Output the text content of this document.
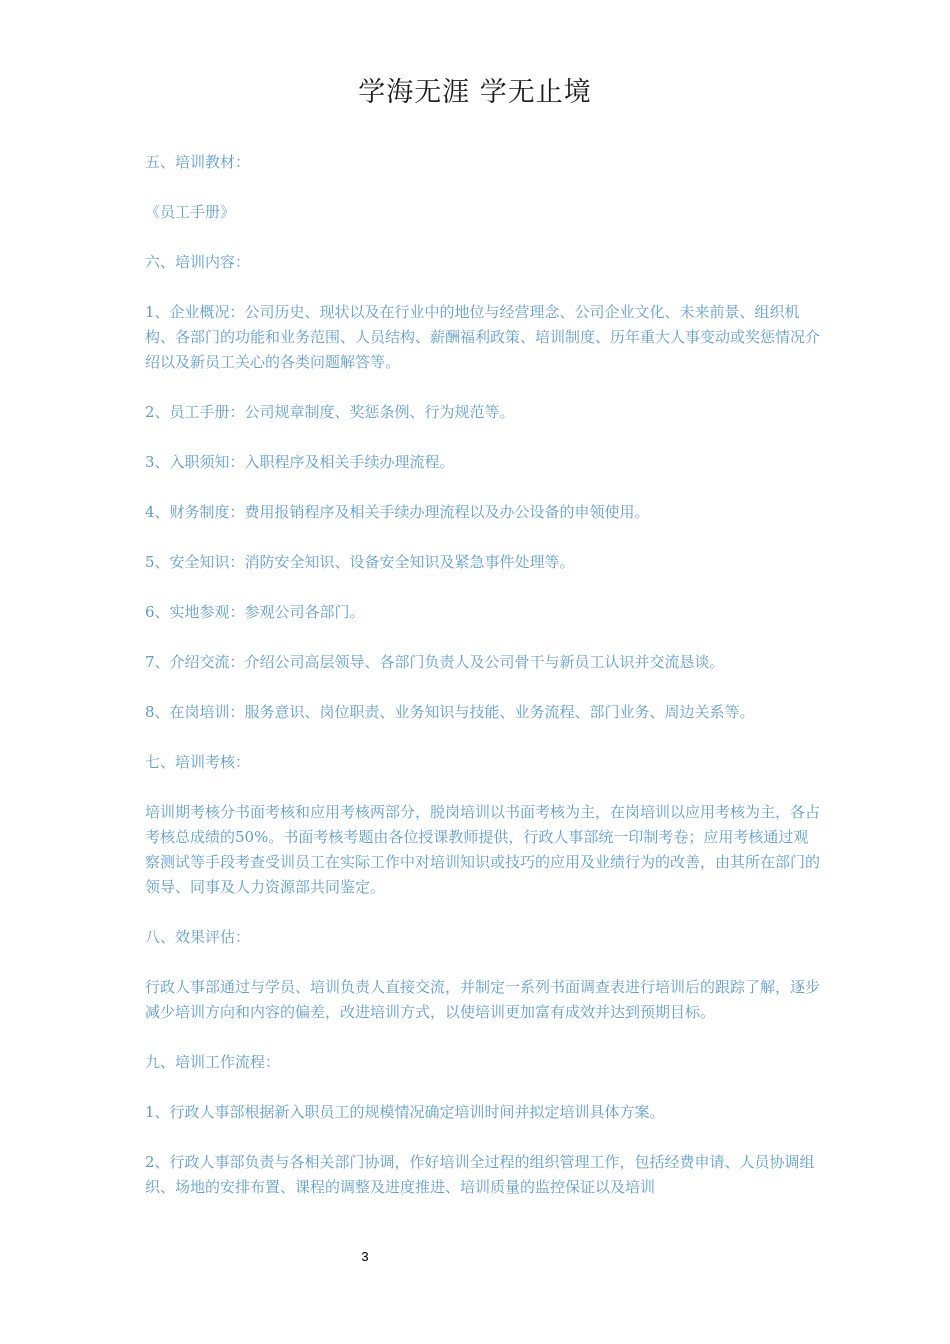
学海无涯 学无止境

五、培训教材：

《员工手册》

六、培训内容：

1、企业概况：公司历史、现状以及在行业中的地位与经营理念、公司企业文化、未来前景、组织机构、各部门的功能和业务范围、人员结构、薪酬福利政策、培训制度、历年重大人事变动或奖惩情况介绍以及新员工关心的各类问题解答等。

2、员工手册：公司规章制度、奖惩条例、行为规范等。

3、入职须知：入职程序及相关手续办理流程。

4、财务制度：费用报销程序及相关手续办理流程以及办公设备的申领使用。

5、安全知识：消防安全知识、设备安全知识及紧急事件处理等。

6、实地参观：参观公司各部门。

7、介绍交流：介绍公司高层领导、各部门负责人及公司骨干与新员工认识并交流恳谈。

8、在岗培训：服务意识、岗位职责、业务知识与技能、业务流程、部门业务、周边关系等。

七、培训考核：

培训期考核分书面考核和应用考核两部分，脱岗培训以书面考核为主，在岗培训以应用考核为主，各占考核总成绩的50%。书面考核考题由各位授课教师提供，行政人事部统一印制考卷；应用考核通过观察测试等手段考查受训员工在实际工作中对培训知识或技巧的应用及业绩行为的改善，由其所在部门的领导、同事及人力资源部共同鉴定。

八、效果评估：

行政人事部通过与学员、培训负责人直接交流，并制定一系列书面调查表进行培训后的跟踪了解，逐步减少培训方向和内容的偏差，改进培训方式，以使培训更加富有成效并达到预期目标。

九、培训工作流程：

1、行政人事部根据新入职员工的规模情况确定培训时间并拟定培训具体方案。

2、行政人事部负责与各相关部门协调，作好培训全过程的组织管理工作，包括经费申请、人员协调组织、场地的安排布置、课程的调整及进度推进、培训质量的监控保证以及培训

3
